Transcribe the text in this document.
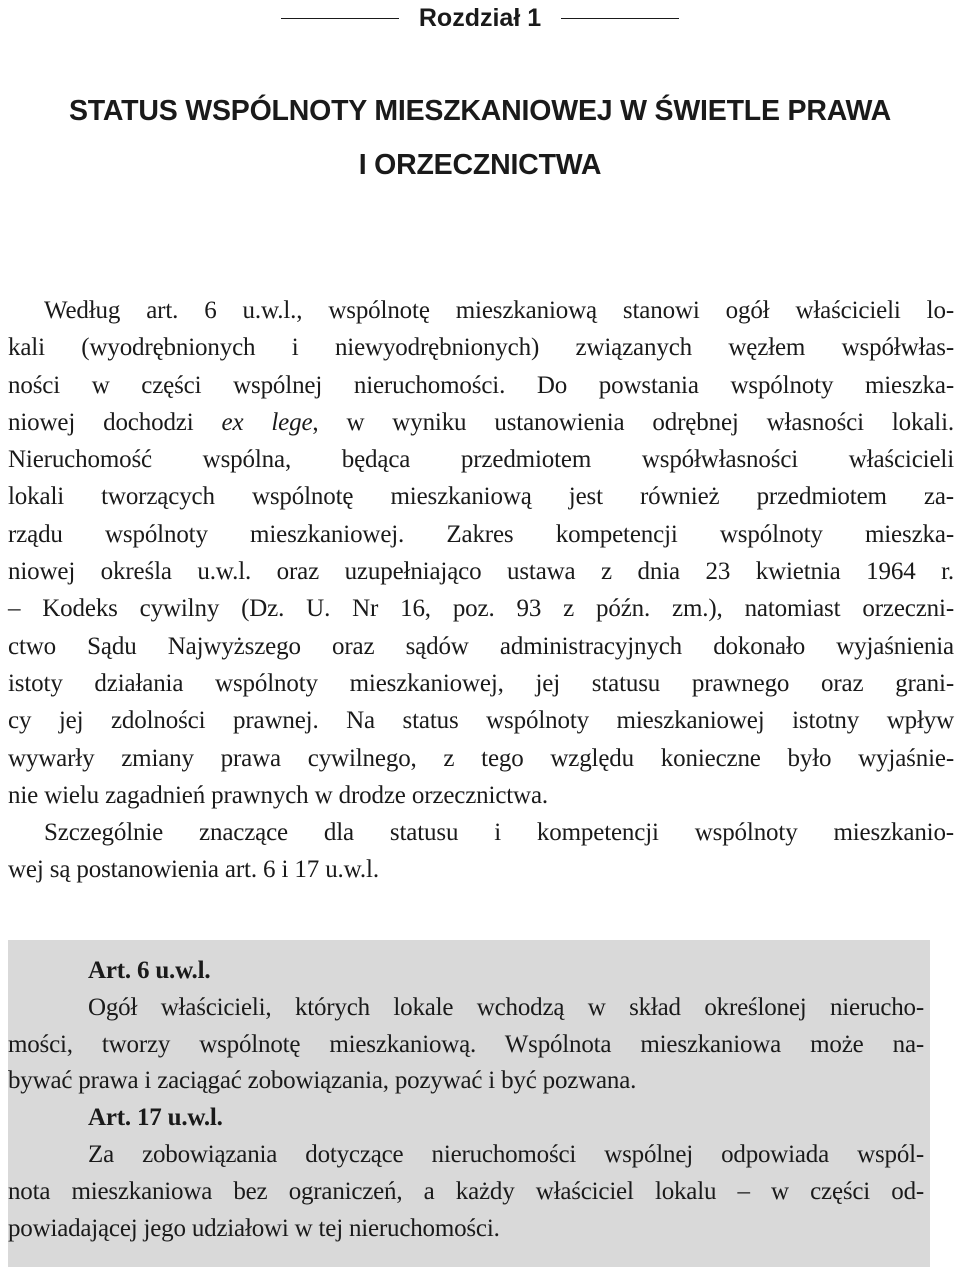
Rozdział 1
STATUS WSPÓLNOTY MIESZKANIOWEJ W ŚWIETLE PRAWA
I ORZECZNICTWA
Według art. 6 u.w.l., wspólnotę mieszkaniową stanowi ogół właścicieli lo-
kali (wyodrębnionych i niewyodrębnionych) związanych węzłem współwłas-
ności w części wspólnej nieruchomości. Do powstania wspólnoty mieszka-
niowej dochodzi ex lege, w wyniku ustanowienia odrębnej własności lokali.
Nieruchomość wspólna, będąca przedmiotem współwłasności właścicieli
lokali tworzących wspólnotę mieszkaniową jest również przedmiotem za-
rządu wspólnoty mieszkaniowej. Zakres kompetencji wspólnoty mieszka-
niowej określa u.w.l. oraz uzupełniająco ustawa z dnia 23 kwietnia 1964 r.
– Kodeks cywilny (Dz. U. Nr 16, poz. 93 z późn. zm.), natomiast orzeczni-
ctwo Sądu Najwyższego oraz sądów administracyjnych dokonało wyjaśnienia
istoty działania wspólnoty mieszkaniowej, jej statusu prawnego oraz grani-
cy jej zdolności prawnej. Na status wspólnoty mieszkaniowej istotny wpływ
wywarły zmiany prawa cywilnego, z tego względu konieczne było wyjaśnie-
nie wielu zagadnień prawnych w drodze orzecznictwa.
Szczególnie znaczące dla statusu i kompetencji wspólnoty mieszkanio-
wej są postanowienia art. 6 i 17 u.w.l.
Art. 6 u.w.l.
Ogół właścicieli, których lokale wchodzą w skład określonej nierucho-
mości, tworzy wspólnotę mieszkaniową. Wspólnota mieszkaniowa może na-
bywać prawa i zaciągać zobowiązania, pozywać i być pozwana.
Art. 17 u.w.l.
Za zobowiązania dotyczące nieruchomości wspólnej odpowiada wspól-
nota mieszkaniowa bez ograniczeń, a każdy właściciel lokalu – w części od-
powiadającej jego udziałowi w tej nieruchomości.
